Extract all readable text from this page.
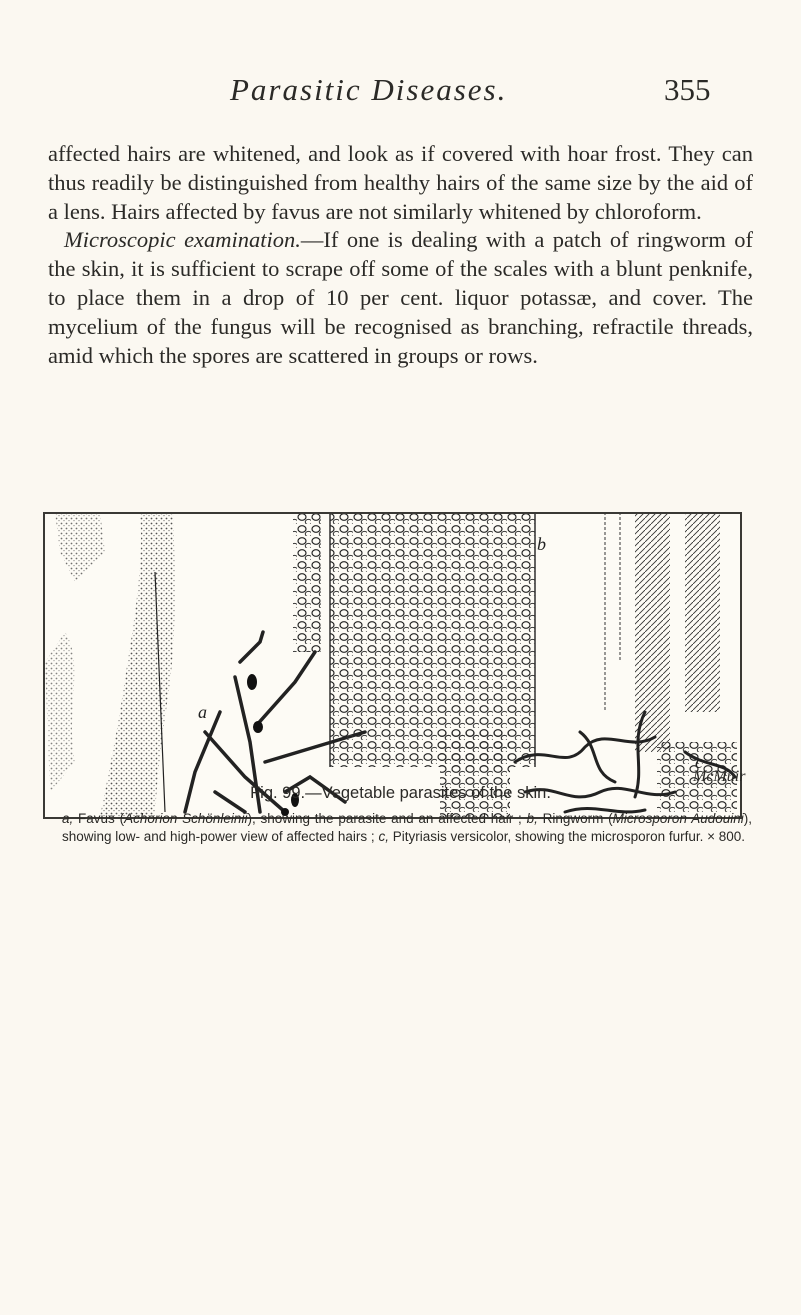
Parasitic Diseases.	355

affected hairs are whitened, and look as if covered with hoar frost. They can thus readily be distinguished from healthy hairs of the same size by the aid of a lens. Hairs affected by favus are not similarly whitened by chloroform.

Microscopic examination.—If one is dealing with a patch of ringworm of the skin, it is sufficient to scrape off some of the scales with a blunt penknife, to place them in a drop of 10 per cent. liquor potassæ, and cover. The mycelium of the fungus will be recognised as branching, refractile threads, amid which the spores are scattered in groups or rows.

a
b
c
McMuir
Fig. 99.—Vegetable parasites of the skin.
a, Favus (Achorion Schönleinii), showing the parasite and an affected hair ; b, Ringworm (Microsporon Audouini), showing low- and high-power view of affected hairs ; c, Pityriasis versicolor, showing the microsporon furfur. × 800.
